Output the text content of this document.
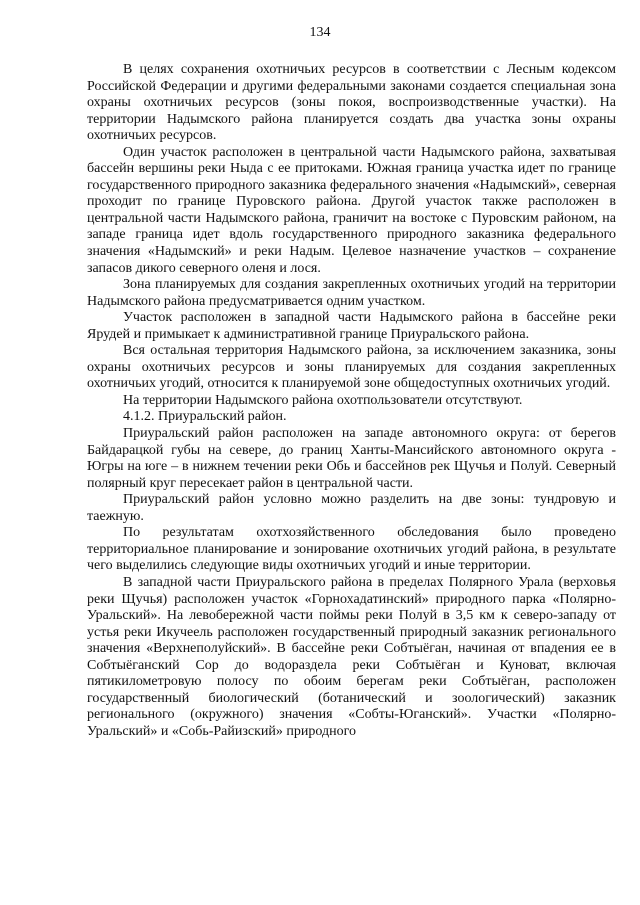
134

В целях сохранения охотничьих ресурсов в соответствии с Лесным кодексом Российской Федерации и другими федеральными законами создается специальная зона охраны охотничьих ресурсов (зоны покоя, воспроизводственные участки). На территории Надымского района планируется создать два участка зоны охраны охотничьих ресурсов.

Один участок расположен в центральной части Надымского района, захватывая бассейн вершины реки Ныда с ее притоками. Южная граница участка идет по границе государственного природного заказника федерального значения «Надымский», северная проходит по границе Пуровского района. Другой участок также расположен в центральной части Надымского района, граничит на востоке с Пуровским районом, на западе граница идет вдоль государственного природного заказника федерального значения «Надымский» и реки Надым. Целевое назначение участков – сохранение запасов дикого северного оленя и лося.

Зона планируемых для создания закрепленных охотничьих угодий на территории Надымского района предусматривается одним участком.

Участок расположен в западной части Надымского района в бассейне реки Ярудей и примыкает к административной границе Приуральского района.

Вся остальная территория Надымского района, за исключением заказника, зоны охраны охотничьих ресурсов и зоны планируемых для создания закрепленных охотничьих угодий, относится к планируемой зоне общедоступных охотничьих угодий.

На территории Надымского района охотпользователи отсутствуют.

4.1.2. Приуральский район.

Приуральский район расположен на западе автономного округа: от берегов Байдарацкой губы на севере, до границ Ханты-Мансийского автономного округа - Югры на юге – в нижнем течении реки Обь и бассейнов рек Щучья и Полуй. Северный полярный круг пересекает район в центральной части.

Приуральский район условно можно разделить на две зоны: тундровую и таежную.

По результатам охотхозяйственного обследования было проведено территориальное планирование и зонирование охотничьих угодий района, в результате чего выделились следующие виды охотничьих угодий и иные территории.

В западной части Приуральского района в пределах Полярного Урала (верховья реки Щучья) расположен участок «Горнохадатинский» природного парка «Полярно-Уральский». На левобережной части поймы реки Полуй в 3,5 км к северо-западу от устья реки Икучеель расположен государственный природный заказник регионального значения «Верхнеполуйский». В бассейне реки Собтыёган, начиная от впадения ее в Собтыёганский Сор до водораздела реки Собтыёган и Куноват, включая пятикилометровую полосу по обоим берегам реки Собтыёган, расположен государственный биологический (ботанический и зоологический) заказник регионального (окружного) значения «Собты-Юганский». Участки «Полярно-Уральский» и «Собь-Райизский» природного
